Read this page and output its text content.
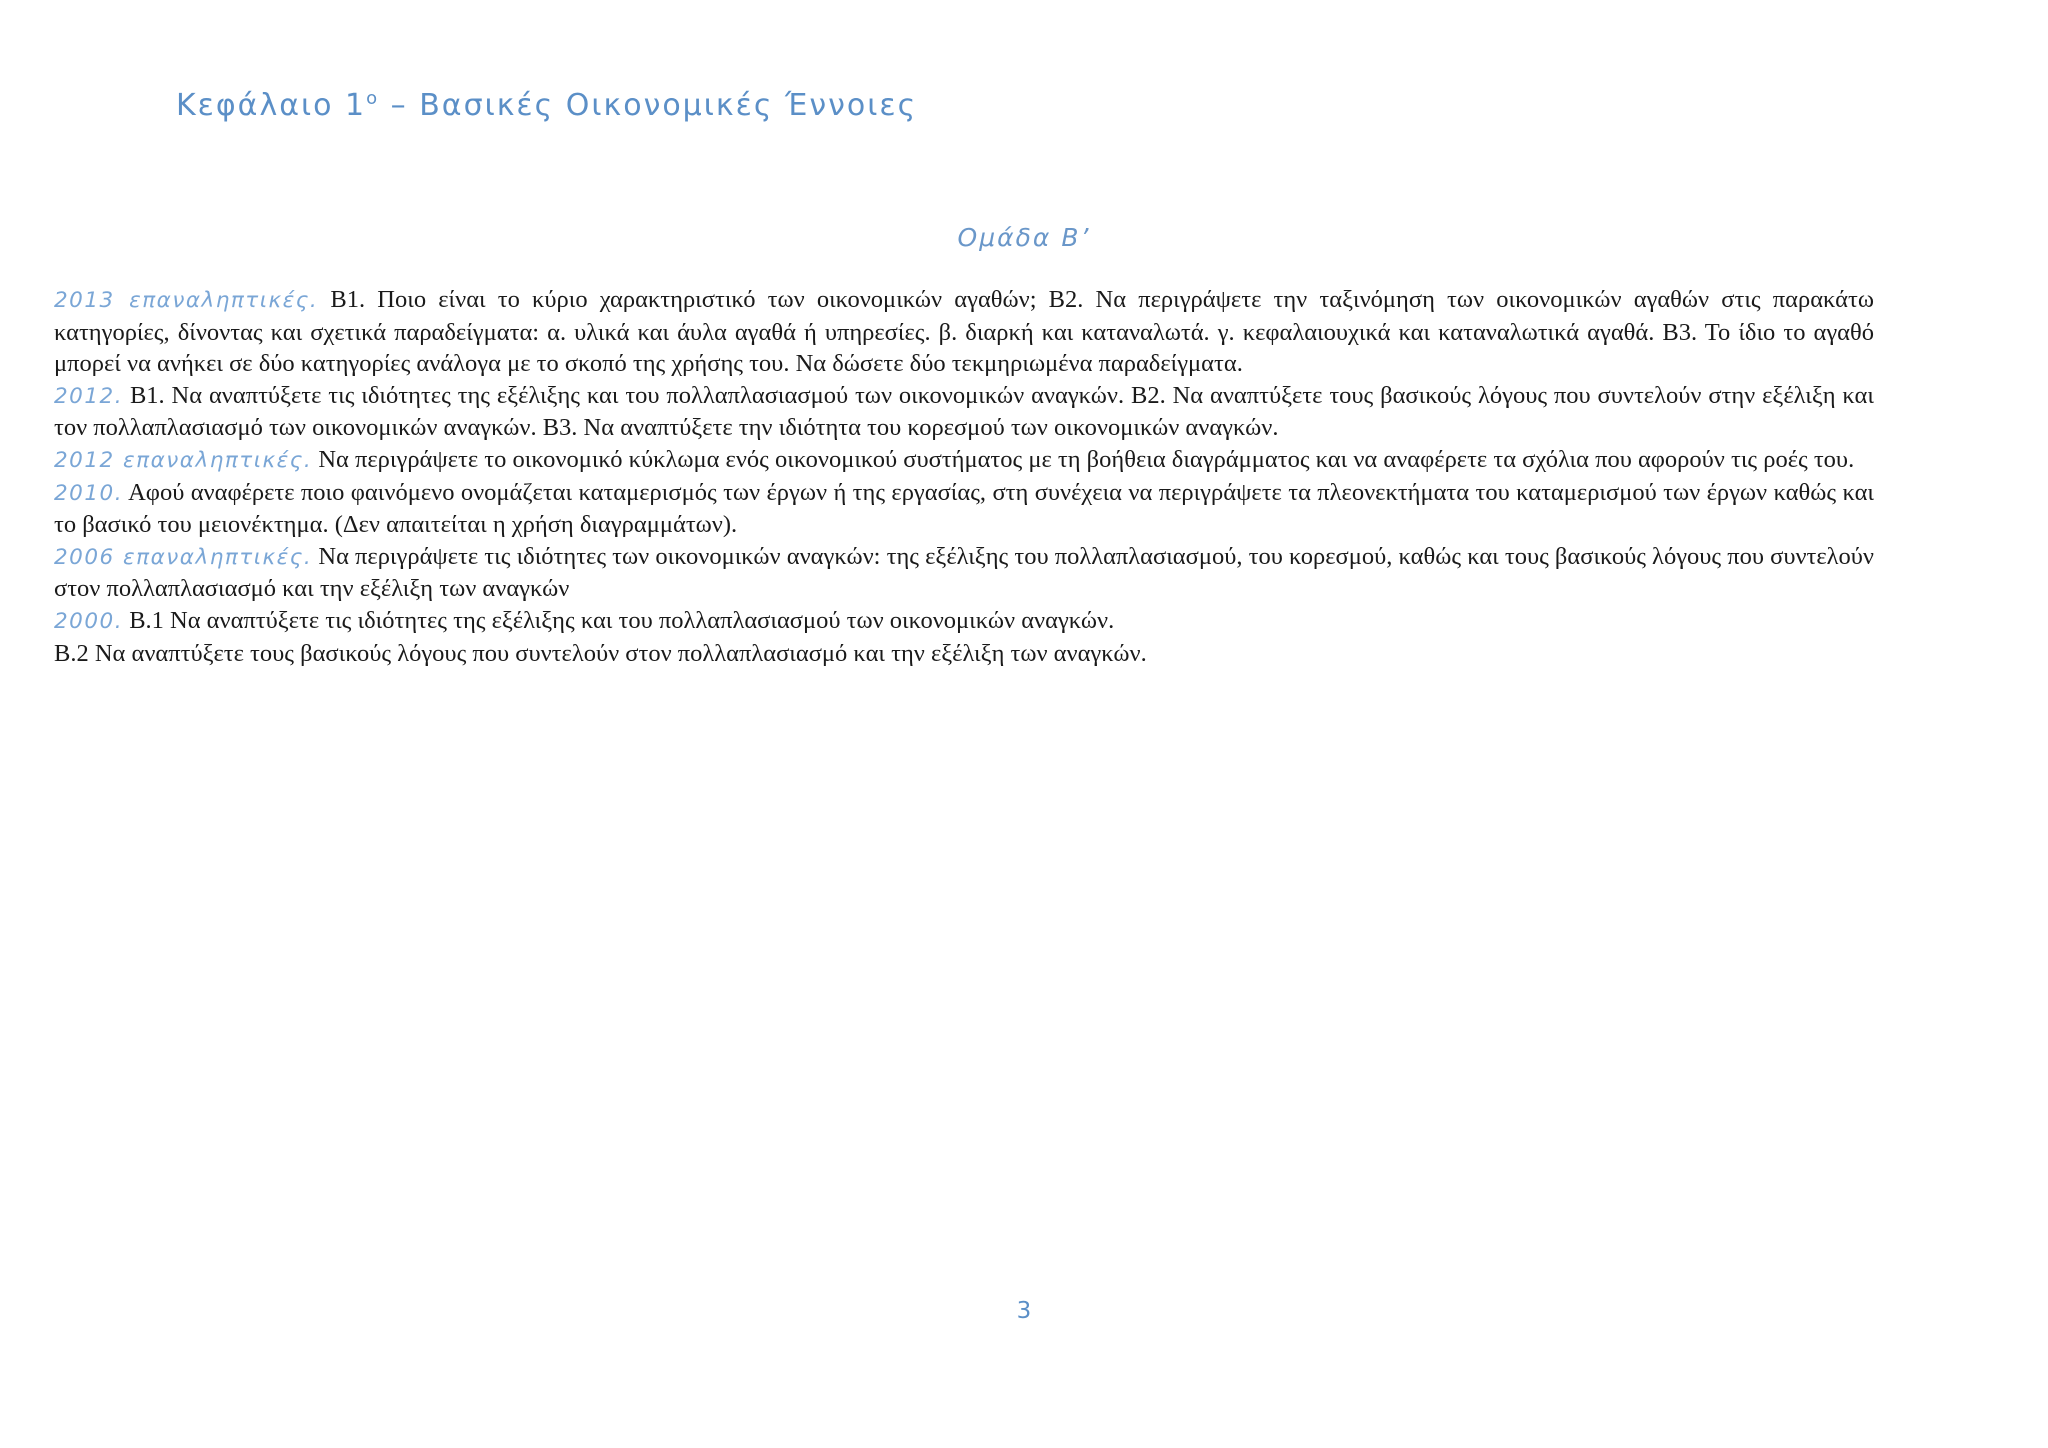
Κεφάλαιο $1^o$ – Βασικές Οικονομικές Έννοιες
Ομάδα Β’

2013 επαναληπτικές. Β1. Ποιο είναι το κύριο χαρακτηριστικό των οικονομικών αγαθών; Β2. Να περιγράψετε την ταξινόμηση των οικονομικών αγαθών στις παρακάτω κατηγορίες, δίνοντας και σχετικά παραδείγματα: α. υλικά και άυλα αγαθά ή υπηρεσίες. β. διαρκή και καταναλωτά. γ. κεφαλαιουχικά και καταναλωτικά αγαθά. Β3. Το ίδιο το αγαθό μπορεί να ανήκει σε δύο κατηγορίες ανάλογα με το σκοπό της χρήσης του. Να δώσετε δύο τεκμηριωμένα παραδείγματα.

2012. Β1. Να αναπτύξετε τις ιδιότητες της εξέλιξης και του πολλαπλασιασμού των οικονομικών αναγκών. Β2. Να αναπτύξετε τους βασικούς λόγους που συντελούν στην εξέλιξη και τον πολλαπλασιασμό των οικονομικών αναγκών. Β3. Να αναπτύξετε την ιδιότητα του κορεσμού των οικονομικών αναγκών.

2012 επαναληπτικές. Να περιγράψετε το οικονομικό κύκλωμα ενός οικονομικού συστήματος με τη βοήθεια διαγράμματος και να αναφέρετε τα σχόλια που αφορούν τις ροές του.

2010. Αφού αναφέρετε ποιο φαινόμενο ονομάζεται καταμερισμός των έργων ή της εργασίας, στη συνέχεια να περιγράψετε τα πλεονεκτήματα του καταμερισμού των έργων καθώς και το βασικό του μειονέκτημα. (Δεν απαιτείται η χρήση διαγραμμάτων).

2006 επαναληπτικές. Να περιγράψετε τις ιδιότητες των οικονομικών αναγκών: της εξέλιξης του πολλαπλασιασμού, του κορεσμού, καθώς και τους βασικούς λόγους που συντελούν στον πολλαπλασιασμό και την εξέλιξη των αναγκών

2000. Β.1 Να αναπτύξετε τις ιδιότητες της εξέλιξης και του πολλαπλασιασμού των οικονομικών αναγκών.

Β.2 Να αναπτύξετε τους βασικούς λόγους που συντελούν στον πολλαπλασιασμό και την εξέλιξη των αναγκών.

3
